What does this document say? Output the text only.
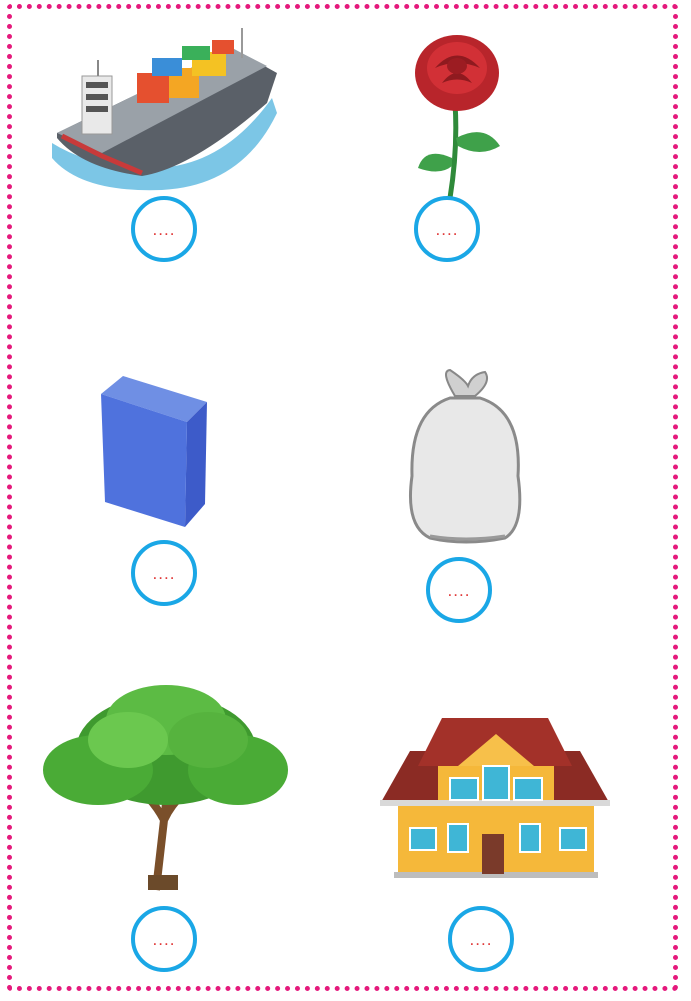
....	....
....
....
....	....
